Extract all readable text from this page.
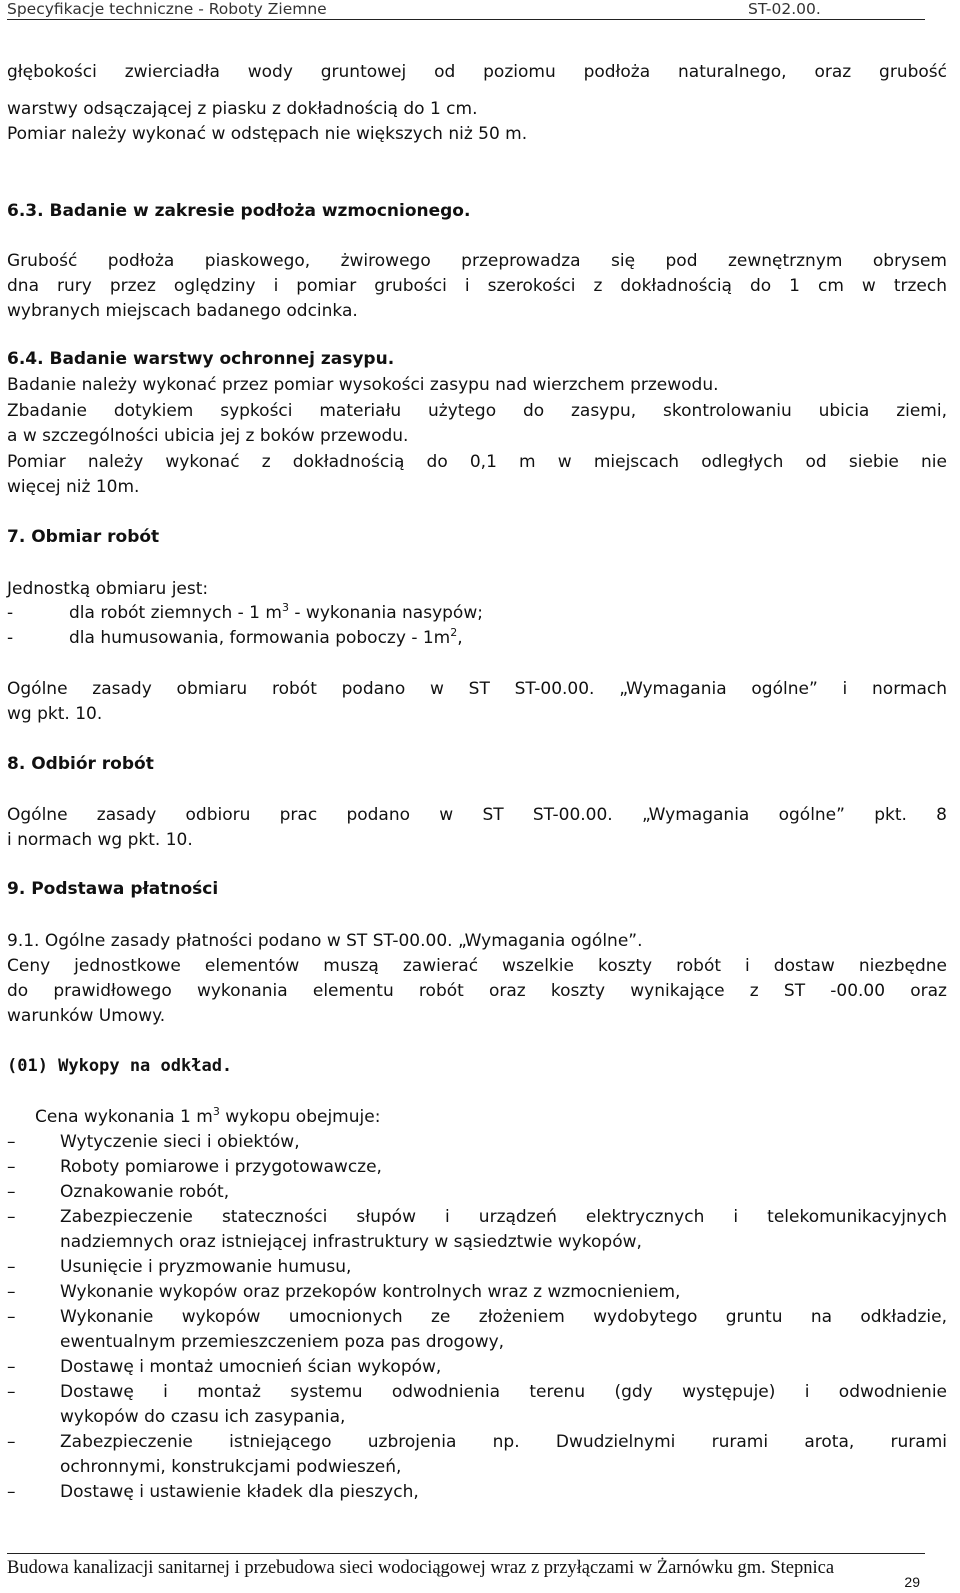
Specyfikacje techniczne - Roboty Ziemne	ST-02.00.
głębokości zwierciadła wody gruntowej od poziomu podłoża naturalnego, oraz grubość
warstwy odsączającej z piasku z dokładnością do 1 cm.
Pomiar należy wykonać w odstępach nie większych niż 50 m.
6.3. Badanie w zakresie podłoża wzmocnionego.
Grubość podłoża piaskowego, żwirowego przeprowadza się pod zewnętrznym obrysem
dna rury przez oględziny i pomiar grubości i szerokości z dokładnością do 1 cm w trzech
wybranych miejscach badanego odcinka.
6.4. Badanie warstwy ochronnej zasypu.
Badanie należy wykonać przez pomiar wysokości zasypu nad wierzchem przewodu.
Zbadanie dotykiem sypkości materiału użytego do zasypu, skontrolowaniu ubicia ziemi,
a w szczególności ubicia jej z boków przewodu.
Pomiar należy wykonać z dokładnością do 0,1 m w miejscach odległych od siebie nie
więcej niż 10m.
7. Obmiar robót
Jednostką obmiaru jest:
-	dla robót ziemnych - 1 $m^3$ - wykonania nasypów;
-	dla humusowania, formowania poboczy - $1m^2$,
Ogólne zasady obmiaru robót podano w ST ST-00.00. „Wymagania ogólne” i normach
wg pkt. 10.
8. Odbiór robót
Ogólne zasady odbioru prac podano w ST ST-00.00. „Wymagania ogólne” pkt. 8
i normach wg pkt. 10.
9. Podstawa płatności
9.1. Ogólne zasady płatności podano w ST ST-00.00. „Wymagania ogólne”.
Ceny jednostkowe elementów muszą zawierać wszelkie koszty robót i dostaw niezbędne
do prawidłowego wykonania elementu robót oraz koszty wynikające z ST -00.00 oraz
warunków Umowy.
(01) Wykopy na odkład.
Cena wykonania 1 $m^3$ wykopu obejmuje:
–	Wytyczenie sieci i obiektów,
–	Roboty pomiarowe i przygotowawcze,
–	Oznakowanie robót,
–	Zabezpieczenie stateczności słupów i urządzeń elektrycznych i telekomunikacyjnych
nadziemnych oraz istniejącej infrastruktury w sąsiedztwie wykopów,
–	Usunięcie i pryzmowanie humusu,
–	Wykonanie wykopów oraz przekopów kontrolnych wraz z wzmocnieniem,
–	Wykonanie wykopów umocnionych ze złożeniem wydobytego gruntu na odkładzie,
ewentualnym przemieszczeniem poza pas drogowy,
–	Dostawę i montaż umocnień ścian wykopów,
–	Dostawę i montaż systemu odwodnienia terenu (gdy występuje) i odwodnienie
wykopów do czasu ich zasypania,
–	Zabezpieczenie istniejącego uzbrojenia np. Dwudzielnymi rurami arota, rurami
ochronnymi, konstrukcjami podwieszeń,
–	Dostawę i ustawienie kładek dla pieszych,
Budowa kanalizacji sanitarnej i przebudowa sieci wodociągowej wraz z przyłączami w Żarnówku gm. Stepnica
29
